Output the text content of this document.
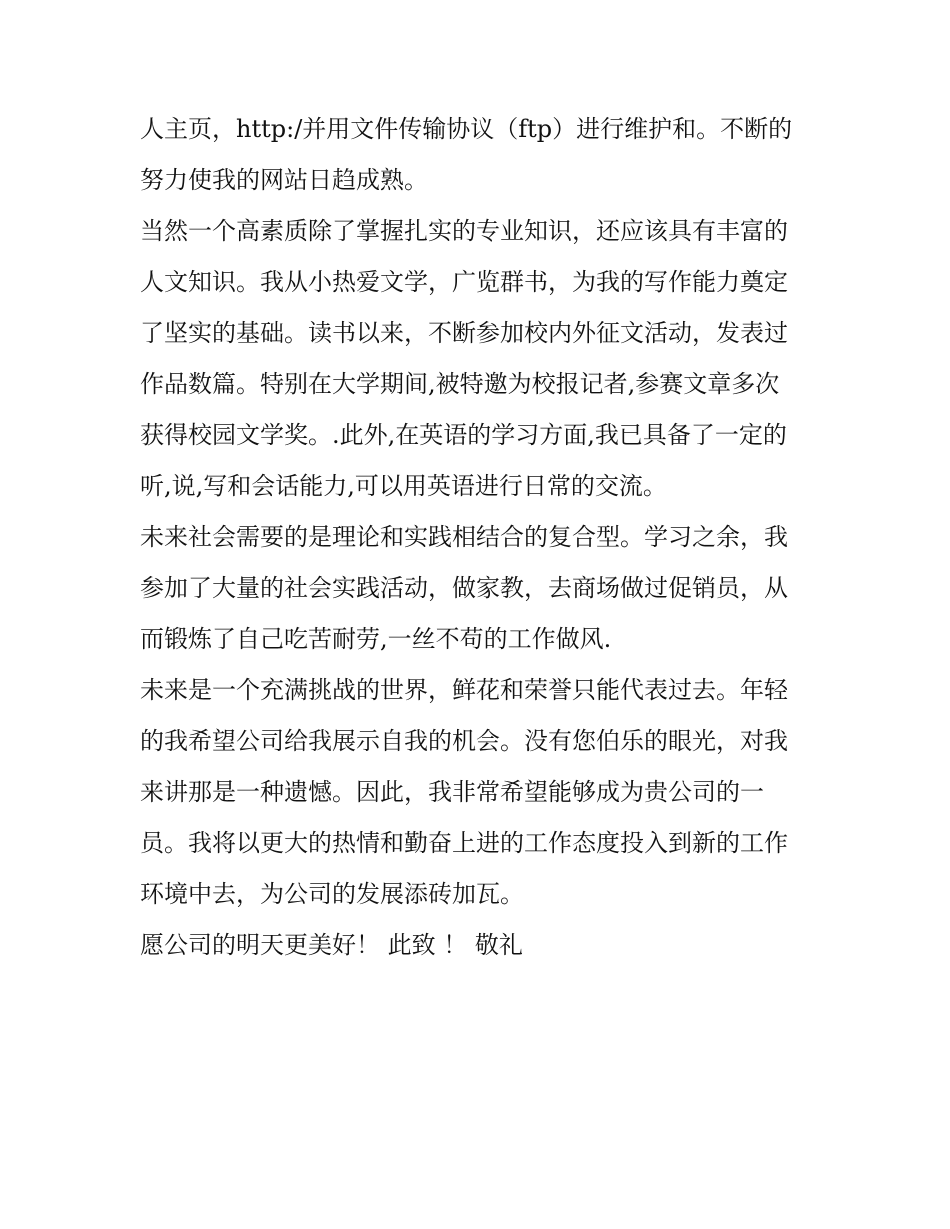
人主页，http:/并用文件传输协议（ftp）进行维护和。不断的
努力使我的网站日趋成熟。
当然一个高素质除了掌握扎实的专业知识，还应该具有丰富的
人文知识。我从小热爱文学，广览群书，为我的写作能力奠定
了坚实的基础。读书以来，不断参加校内外征文活动，发表过
作品数篇。特别在大学期间,被特邀为校报记者,参赛文章多次
获得校园文学奖。.此外,在英语的学习方面,我已具备了一定的
听,说,写和会话能力,可以用英语进行日常的交流。
未来社会需要的是理论和实践相结合的复合型。学习之余，我
参加了大量的社会实践活动，做家教，去商场做过促销员，从
而锻炼了自己吃苦耐劳,一丝不苟的工作做风.
未来是一个充满挑战的世界，鲜花和荣誉只能代表过去。年轻
的我希望公司给我展示自我的机会。没有您伯乐的眼光，对我
来讲那是一种遗憾。因此，我非常希望能够成为贵公司的一
员。我将以更大的热情和勤奋上进的工作态度投入到新的工作
环境中去，为公司的发展添砖加瓦。
愿公司的明天更美好！ 此致 ！ 敬礼
